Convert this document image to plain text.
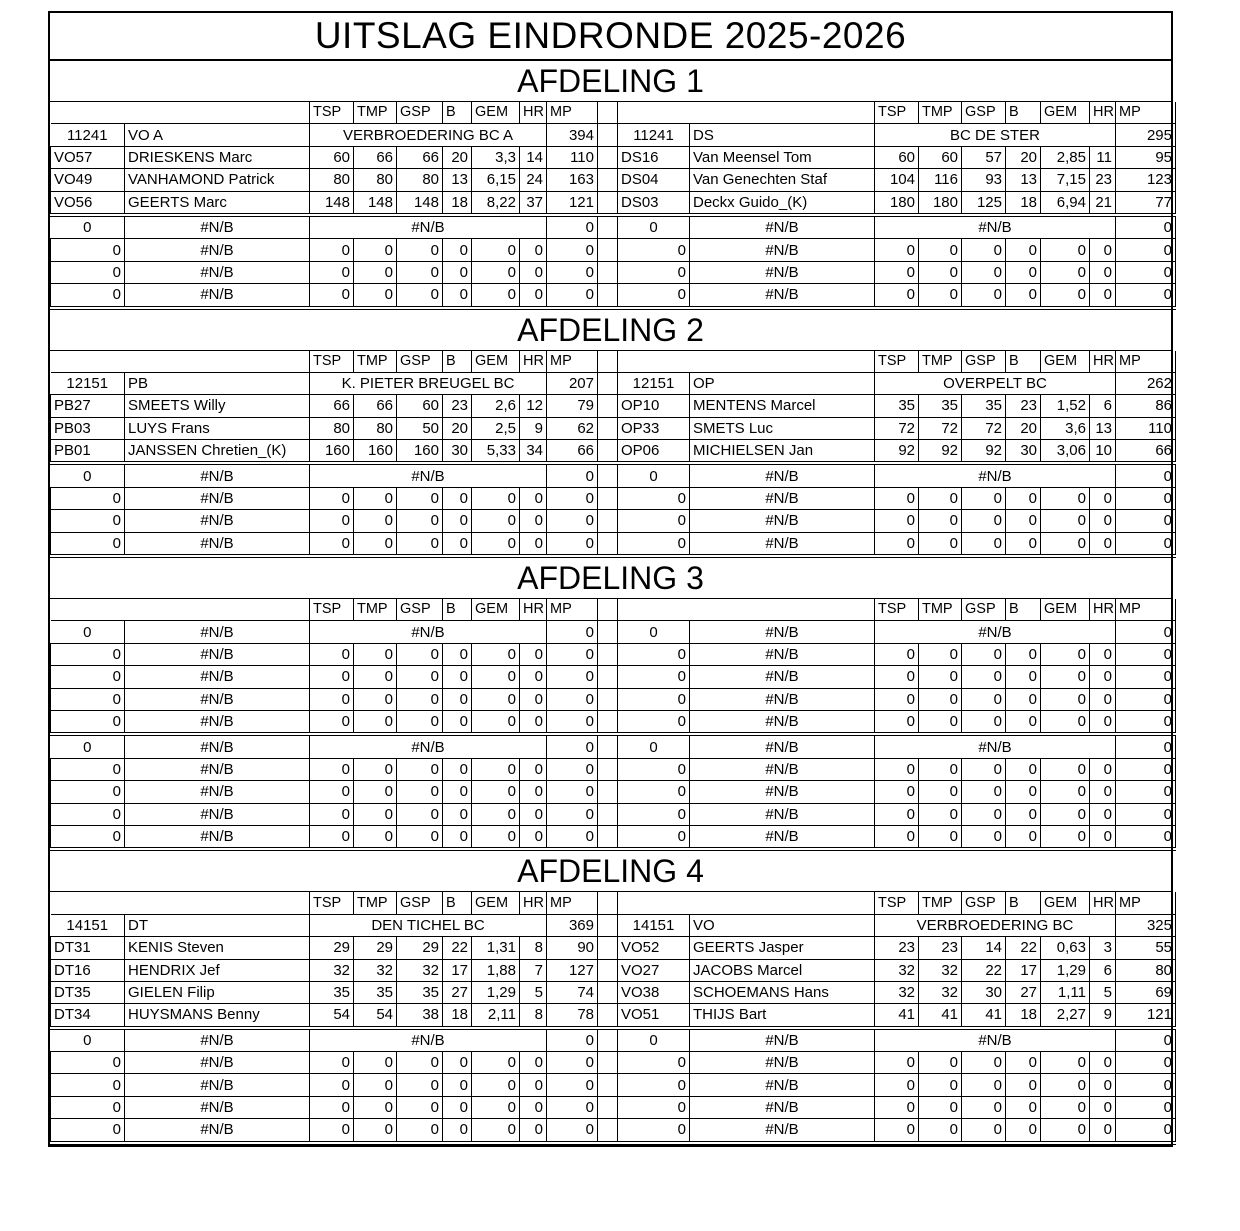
UITSLAG EINDRONDE 2025-2026
AFDELING 1
		TSP	TMP	GSP	B	GEM	HR	MP				TSP	TMP	GSP	B	GEM	HR	MP
11241	VO A	VERBROEDERING BC A						394		11241	DS	BC DE STER						295
VO57	DRIESKENS Marc	60	66	66	20	3,3	14	110		DS16	Van Meensel Tom	60	60	57	20	2,85	11	95
VO49	VANHAMOND Patrick	80	80	80	13	6,15	24	163		DS04	Van Genechten Staf	104	116	93	13	7,15	23	123
VO56	GEERTS Marc	148	148	148	18	8,22	37	121		DS03	Deckx Guido_(K)	180	180	125	18	6,94	21	77
0	#N/B	#N/B						0		0	#N/B	#N/B						0
0	#N/B	0	0	0	0	0	0	0		0	#N/B	0	0	0	0	0	0	0
0	#N/B	0	0	0	0	0	0	0		0	#N/B	0	0	0	0	0	0	0
0	#N/B	0	0	0	0	0	0	0		0	#N/B	0	0	0	0	0	0	0
AFDELING 2
		TSP	TMP	GSP	B	GEM	HR	MP				TSP	TMP	GSP	B	GEM	HR	MP
12151	PB	K. PIETER BREUGEL BC						207		12151	OP	OVERPELT BC						262
PB27	SMEETS Willy	66	66	60	23	2,6	12	79		OP10	MENTENS Marcel	35	35	35	23	1,52	6	86
PB03	LUYS Frans	80	80	50	20	2,5	9	62		OP33	SMETS Luc	72	72	72	20	3,6	13	110
PB01	JANSSEN Chretien_(K)	160	160	160	30	5,33	34	66		OP06	MICHIELSEN Jan	92	92	92	30	3,06	10	66
0	#N/B	#N/B						0		0	#N/B	#N/B						0
0	#N/B	0	0	0	0	0	0	0		0	#N/B	0	0	0	0	0	0	0
0	#N/B	0	0	0	0	0	0	0		0	#N/B	0	0	0	0	0	0	0
0	#N/B	0	0	0	0	0	0	0		0	#N/B	0	0	0	0	0	0	0
AFDELING 3
		TSP	TMP	GSP	B	GEM	HR	MP				TSP	TMP	GSP	B	GEM	HR	MP
0	#N/B	#N/B						0		0	#N/B	#N/B						0
0	#N/B	0	0	0	0	0	0	0		0	#N/B	0	0	0	0	0	0	0
0	#N/B	0	0	0	0	0	0	0		0	#N/B	0	0	0	0	0	0	0
0	#N/B	0	0	0	0	0	0	0		0	#N/B	0	0	0	0	0	0	0
0	#N/B	0	0	0	0	0	0	0		0	#N/B	0	0	0	0	0	0	0
0	#N/B	#N/B						0		0	#N/B	#N/B						0
0	#N/B	0	0	0	0	0	0	0		0	#N/B	0	0	0	0	0	0	0
0	#N/B	0	0	0	0	0	0	0		0	#N/B	0	0	0	0	0	0	0
0	#N/B	0	0	0	0	0	0	0		0	#N/B	0	0	0	0	0	0	0
0	#N/B	0	0	0	0	0	0	0		0	#N/B	0	0	0	0	0	0	0
AFDELING 4
		TSP	TMP	GSP	B	GEM	HR	MP				TSP	TMP	GSP	B	GEM	HR	MP
14151	DT	DEN TICHEL BC						369		14151	VO	VERBROEDERING BC						325
DT31	KENIS Steven	29	29	29	22	1,31	8	90		VO52	GEERTS Jasper	23	23	14	22	0,63	3	55
DT16	HENDRIX Jef	32	32	32	17	1,88	7	127		VO27	JACOBS Marcel	32	32	22	17	1,29	6	80
DT35	GIELEN Filip	35	35	35	27	1,29	5	74		VO38	SCHOEMANS Hans	32	32	30	27	1,11	5	69
DT34	HUYSMANS Benny	54	54	38	18	2,11	8	78		VO51	THIJS Bart	41	41	41	18	2,27	9	121
0	#N/B	#N/B						0		0	#N/B	#N/B						0
0	#N/B	0	0	0	0	0	0	0		0	#N/B	0	0	0	0	0	0	0
0	#N/B	0	0	0	0	0	0	0		0	#N/B	0	0	0	0	0	0	0
0	#N/B	0	0	0	0	0	0	0		0	#N/B	0	0	0	0	0	0	0
0	#N/B	0	0	0	0	0	0	0		0	#N/B	0	0	0	0	0	0	0
